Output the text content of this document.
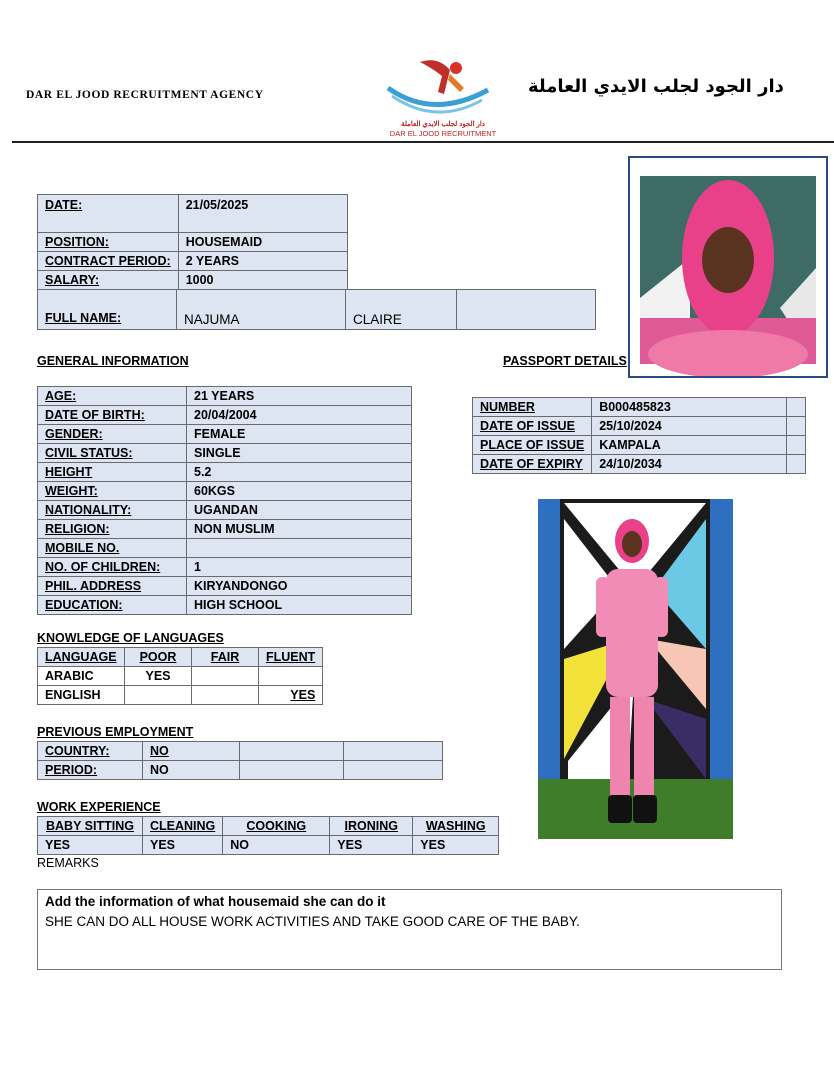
DAR EL JOOD RECRUITMENT AGENCY
دار الجود لجلب الايدي العاملة
DAR EL JOOD RECRUITMENT
دار الجود لجلب الايدي العاملة
DATE:	21/05/2025
POSITION:	HOUSEMAID
CONTRACT PERIOD:	2 YEARS
SALARY:	1000
FULL NAME:	NAJUMA	CLAIRE	
GENERAL INFORMATION
AGE:	21 YEARS
DATE OF BIRTH:	20/04/2004
GENDER:	FEMALE
CIVIL STATUS:	SINGLE
HEIGHT	5.2
WEIGHT:	60KGS
NATIONALITY:	UGANDAN
RELIGION:	NON MUSLIM
MOBILE NO.	
NO. OF CHILDREN:	1
PHIL. ADDRESS	KIRYANDONGO
EDUCATION:	HIGH SCHOOL
PASSPORT DETAILS
NUMBER	B000485823	
DATE OF ISSUE	25/10/2024	
PLACE OF ISSUE	KAMPALA	
DATE OF EXPIRY	24/10/2034	
KNOWLEDGE OF LANGUAGES
LANGUAGE	POOR	FAIR	FLUENT
ARABIC	YES		
ENGLISH			YES
PREVIOUS EMPLOYMENT
COUNTRY:	NO		
PERIOD:	NO		
WORK EXPERIENCE
BABY SITTING	CLEANING	COOKING	IRONING	WASHING
YES	YES	NO	YES	YES
REMARKS
Add the information of what housemaid she can do it
SHE CAN DO ALL HOUSE WORK ACTIVITIES AND TAKE GOOD CARE OF THE BABY.
